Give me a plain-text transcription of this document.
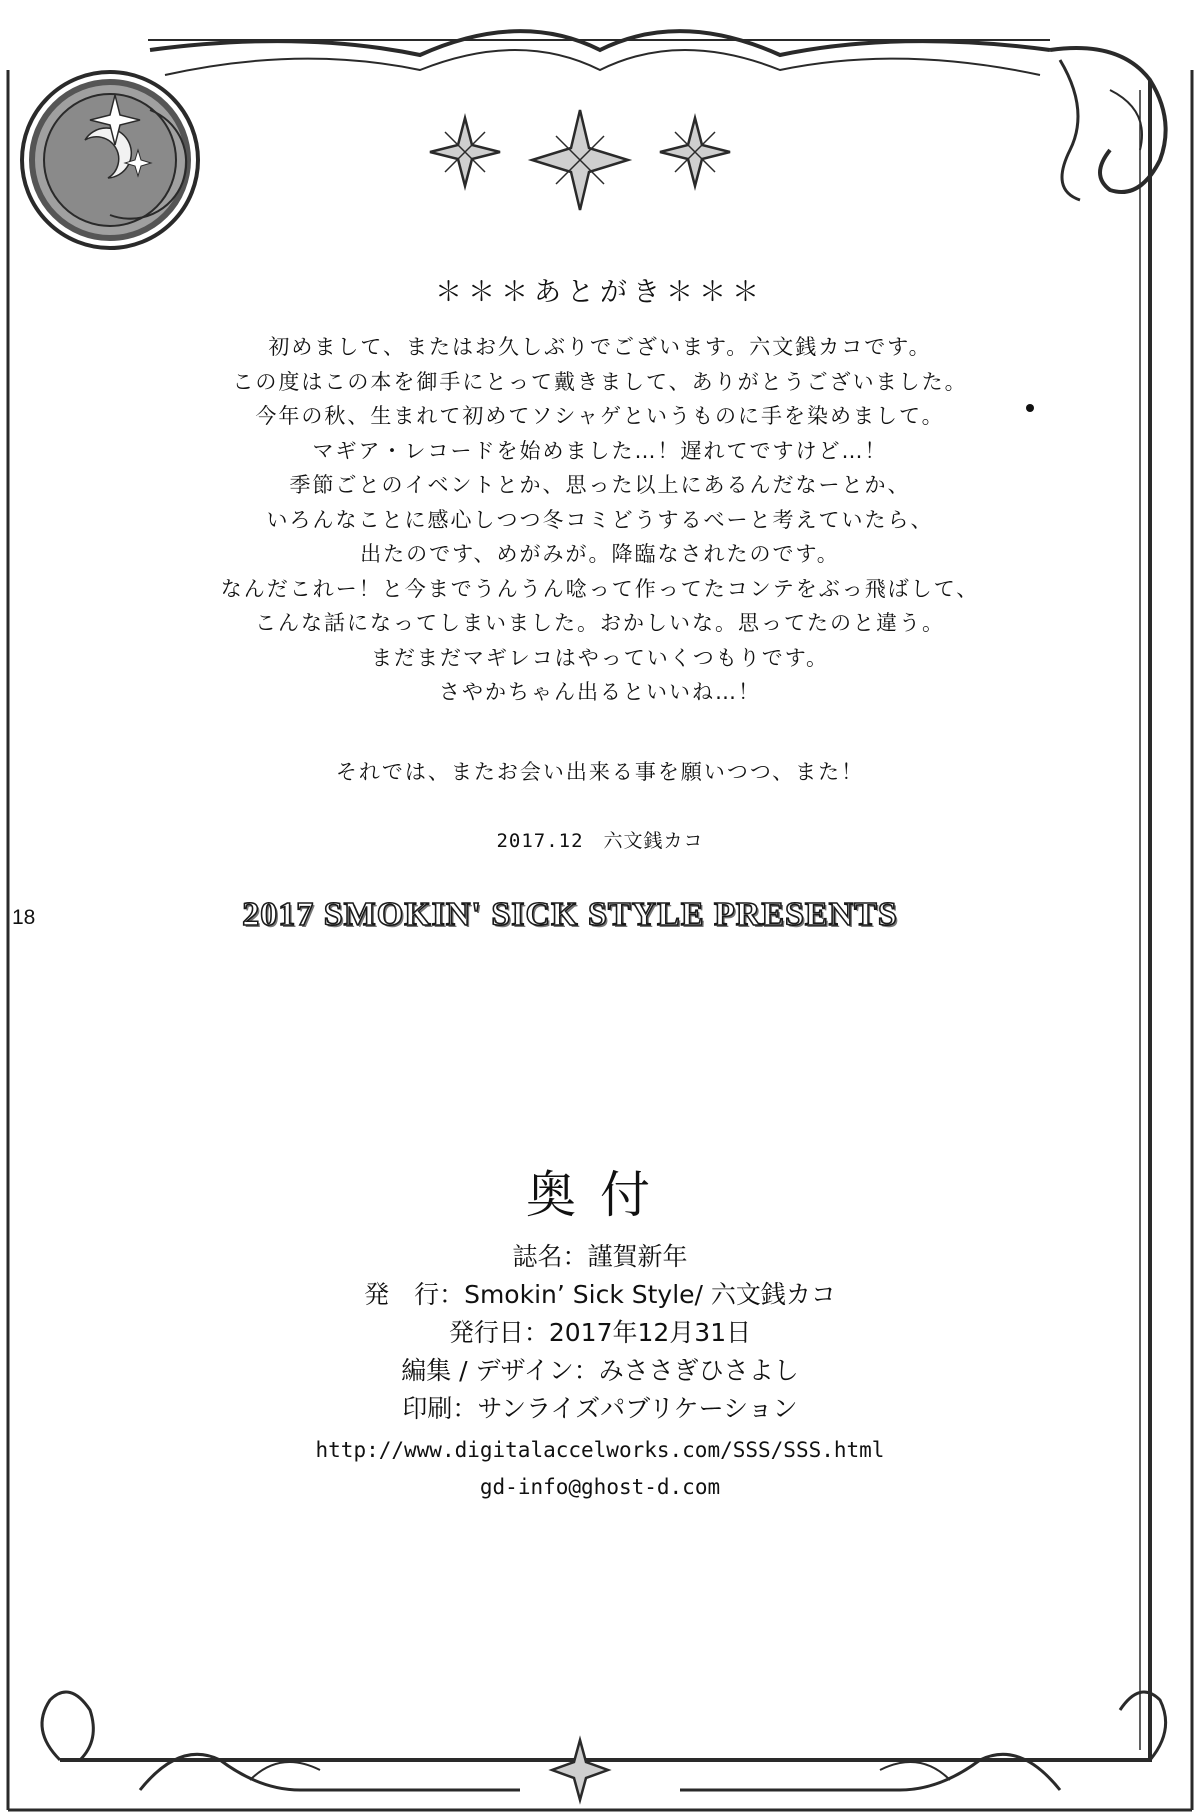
＊＊＊あとがき＊＊＊
初めまして、またはお久しぶりでございます。六文銭カコです。
この度はこの本を御手にとって戴きまして、ありがとうございました。
今年の秋、生まれて初めてソシャゲというものに手を染めまして。
マギア・レコードを始めました…！遅れてですけど…！
季節ごとのイベントとか、思った以上にあるんだなーとか、
いろんなことに感心しつつ冬コミどうするべーと考えていたら、
出たのです、めがみが。降臨なされたのです。
なんだこれー！と今までうんうん唸って作ってたコンテをぶっ飛ばして、
こんな話になってしまいました。おかしいな。思ってたのと違う。
まだまだマギレコはやっていくつもりです。
さやかちゃん出るといいね…！
それでは、またお会い出来る事を願いつつ、また！
2017.12　六文銭カコ
18	2017 SMOKIN' SICK STYLE PRESENTS
奥付
誌名：謹賀新年
発　行：Smokin’ Sick Style/ 六文銭カコ
発行日：2017年12月31日
編集 / デザイン：みささぎひさよし
印刷：サンライズパブリケーション
http://www.digitalaccelworks.com/SSS/SSS.html
gd-info@ghost-d.com
